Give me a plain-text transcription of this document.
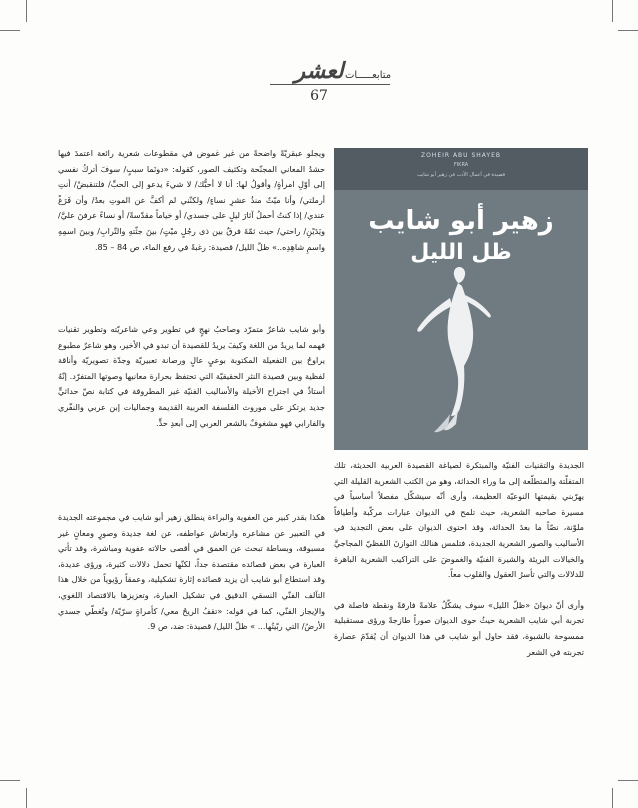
لعشر متابعـــــات
67
ZOHEIR ABU SHAYEB
FIKRA
قصيدة في أعمال الأدب في زهير أبو شايب
زهير أبو شايب
ظل الليل

ويجلو عبقريّةً واضحةً من غير غموض في مقطوعات شعرية رائعة اعتمدَ فيها حشدُ المعاني المجنّحة وتكثيف الصور، كقوله: «دونَما سببٍ/ سوفَ أتركُ نفسي إلى أوّلِ امرأةٍ/ وأقولُ لها: أنا لا أحبُّك/ لا شيءَ يدعو إلى الحبِّ/ فلتنقبضْ/ أنتِ أرملتي/ وأنا ميّتٌ منذُ عشرِ نساءٍ/ ولكنّني لم أكفَّ عن الموتِ بعدُ/ وأن فَرَغْ عندي/ إذا كنتُ أحملُ آثارَ ليلٍ على جسدي/ أو خياماً مقدّسةً/ أو نساءً عرفنَ عليَّ/ ويَدَيْنِ/ راحتي/ حيث ثمّةَ فرقٌ بين ذى رجُلٍ ميْتٍ/ بينَ جثّتهِ والتّرابِ/ وبينَ اسمِهِ واسمِ شاهِدِه..» ظلّ الليل/ قصيدة: رغبةً في رفع الماء، ص 84 – 85.

وأبو شايب شاعرٌ متمرّد وصاحبُ نهجٍ في تطوير وعي شاعريّته وتطوير تقنيات فهمه لما يريدُ من اللغة وكيفَ يريدُ للقصيدة أن تبدو في الأخير، وهو شاعرٌ مطبوع يراوحُ بين التفعيلة المكتوبة بوعيٍ عالٍ ورصانة تعبيريّة وجدّة تصويريّة وأناقة لفظية وبين قصيدة النثر الحقيقيّة التي تحتفظ بحرارة معانيها وصوتها المتفرّد. إنّهُ أستاذٌ في اجتراح الأخيلة والأساليب الفنيّة غير المطروقة في كتابة نصّ حداثيٍّ جديد يرتكز على موروث الفلسفة العربية القديمة وجماليات إبن عربي والنفّري والفارابي فهو مشغوفٌ بالشعر العربي إلى أبعدِ حدٍّ.

هكذا بقدر كبير من العفوية والبراءة ينطلق زهير أبو شايب في مجموعته الجديدة في التعبير عن مشاعره وارتعاش عواطفه، عن لغة جديدة وصورٍ ومعانٍ غير مسبوقة، وبساطة تبحث عن العمق في أقصى حالاته عفوية ومباشرة، وقد تأتي العبارة في بعض قصائده مقتصدة جداً، لكنّها تحمل دلالات كثيرة، ورؤى عديدة، وقد استطاع أبو شايب أن يزيد قصائده إثارة تشكيلية، وعمقاً رؤيوياً من خلال هذا التآلف الفنّي النسقي الدقيق في تشكيل العبارة، وتعزيزها بالاقتصاد اللغوي، والإيجاز الفنّي، كما في قوله: «تقفُ الريحُ معي/ كأمراةٍ سرّيّة/ وتُغطّي جسدي الأرضُ/ التي ربّيتُها... » ظلّ الليل/ قصيدة: ضد، ص 9.

الجديدة والتقنيات الفنيّة والمبتكرة لصياغة القصيدة العربية الحديثة، تلك المتفلّتة والمتطلّعة إلى ما وراء الحداثة، وهو من الكتب الشعرية القليلة التي يهرّبني بقيمتها النوعيّة العظيمة، وأرى أنّه سيشكّل مفصلاً أساسياً في مسيرة صاحبه الشعرية، حيث تلمح في الديوان عبارات مركّبة وأطيافاً ملوّنة، نصّاً ما بعدَ الحداثة، وقد احتوى الديوان على بعض التجديد في الأساليب والصور الشعرية الجديدة، فتلمس هنالك التوازنَ اللفظيّ المجاجيَّ والخيالات البريئة والشيرة الفنيّة والغموضَ على التراكيب الشعرية الباهرة للدلالات والتي تأسرُ العقول والقلوب معاً.

وأرى أنّ ديوانَ «ظلّ الليل» سوف يشكّلُ علامةً فارقةً ونقطة فاصلة في تجربة أبي شايب الشعرية حيثُ حوى الديوان صوراً طازجةً ورؤى مستقبلية ممسوحة بالشبوة، فقد حاول أبو شايب في هذا الديوان أن يُقدّمَ عصارة تجربته في الشعر
